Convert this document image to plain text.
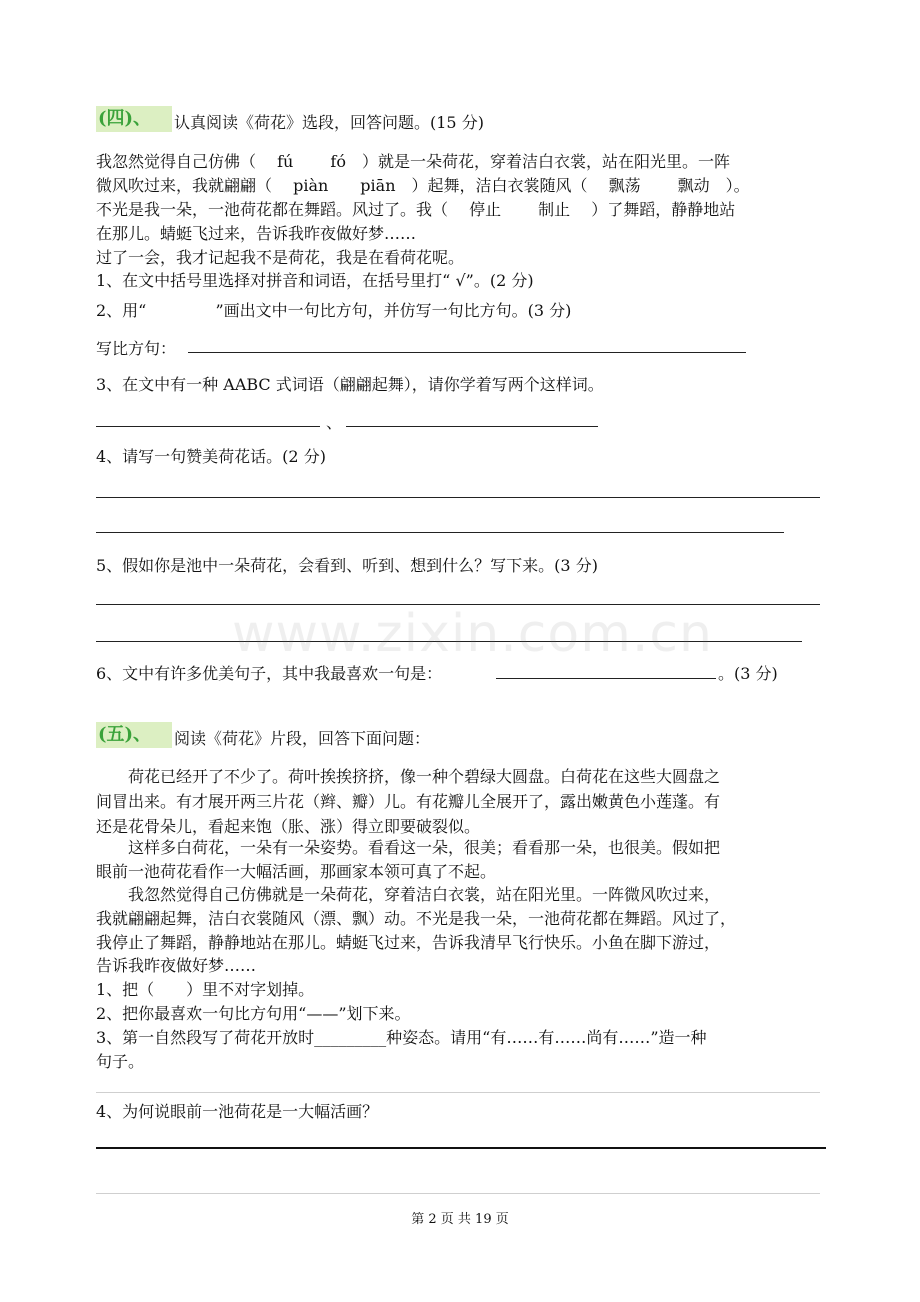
(四)、	认真阅读《荷花》选段，回答问题。(15 分)
我忽然觉得自己仿佛（　 fú　　 fó　）就是一朵荷花，穿着洁白衣裳，站在阳光里。一阵
微风吹过来，我就翩翩（　 piàn　　piān　）起舞，洁白衣裳随风（　 飘荡　　 飘动　）。
不光是我一朵，一池荷花都在舞蹈。风过了。我（　 停止　　 制止　 ）了舞蹈，静静地站
在那儿。蜻蜓飞过来，告诉我昨夜做好梦……
过了一会，我才记起我不是荷花，我是在看荷花呢。
1、在文中括号里选择对拼音和词语，在括号里打“ √”。(2 分)
2、用“　　　　 ”画出文中一句比方句，并仿写一句比方句。(3 分)
写比方句：
3、在文中有一种 AABC 式词语（翩翩起舞），请你学着写两个这样词。
、
4、请写一句赞美荷花话。(2 分)
5、假如你是池中一朵荷花，会看到、听到、想到什么？写下来。(3 分)
www.zixin.com.cn
6、文中有许多优美句子，其中我最喜欢一句是：	。(3 分)
(五)、	阅读《荷花》片段，回答下面问题：
　　荷花已经开了不少了。荷叶挨挨挤挤，像一种个碧绿大圆盘。白荷花在这些大圆盘之
间冒出来。有才展开两三片花（辫、瓣）儿。有花瓣儿全展开了，露出嫩黄色小莲蓬。有
还是花骨朵儿，看起来饱（胀、涨）得立即要破裂似。
　　这样多白荷花，一朵有一朵姿势。看看这一朵，很美；看看那一朵，也很美。假如把
眼前一池荷花看作一大幅活画，那画家本领可真了不起。
　　我忽然觉得自己仿佛就是一朵荷花，穿着洁白衣裳，站在阳光里。一阵微风吹过来，
我就翩翩起舞，洁白衣裳随风（漂、飘）动。不光是我一朵，一池荷花都在舞蹈。风过了，
我停止了舞蹈，静静地站在那儿。蜻蜓飞过来，告诉我清早飞行快乐。小鱼在脚下游过，
告诉我昨夜做好梦……
1、把（　　）里不对字划掉。
2、把你最喜欢一句比方句用“——”划下来。
3、第一自然段写了荷花开放时_________种姿态。请用“有……有……尚有……”造一种
句子。
4、为何说眼前一池荷花是一大幅活画？
第 2 页 共 19 页
